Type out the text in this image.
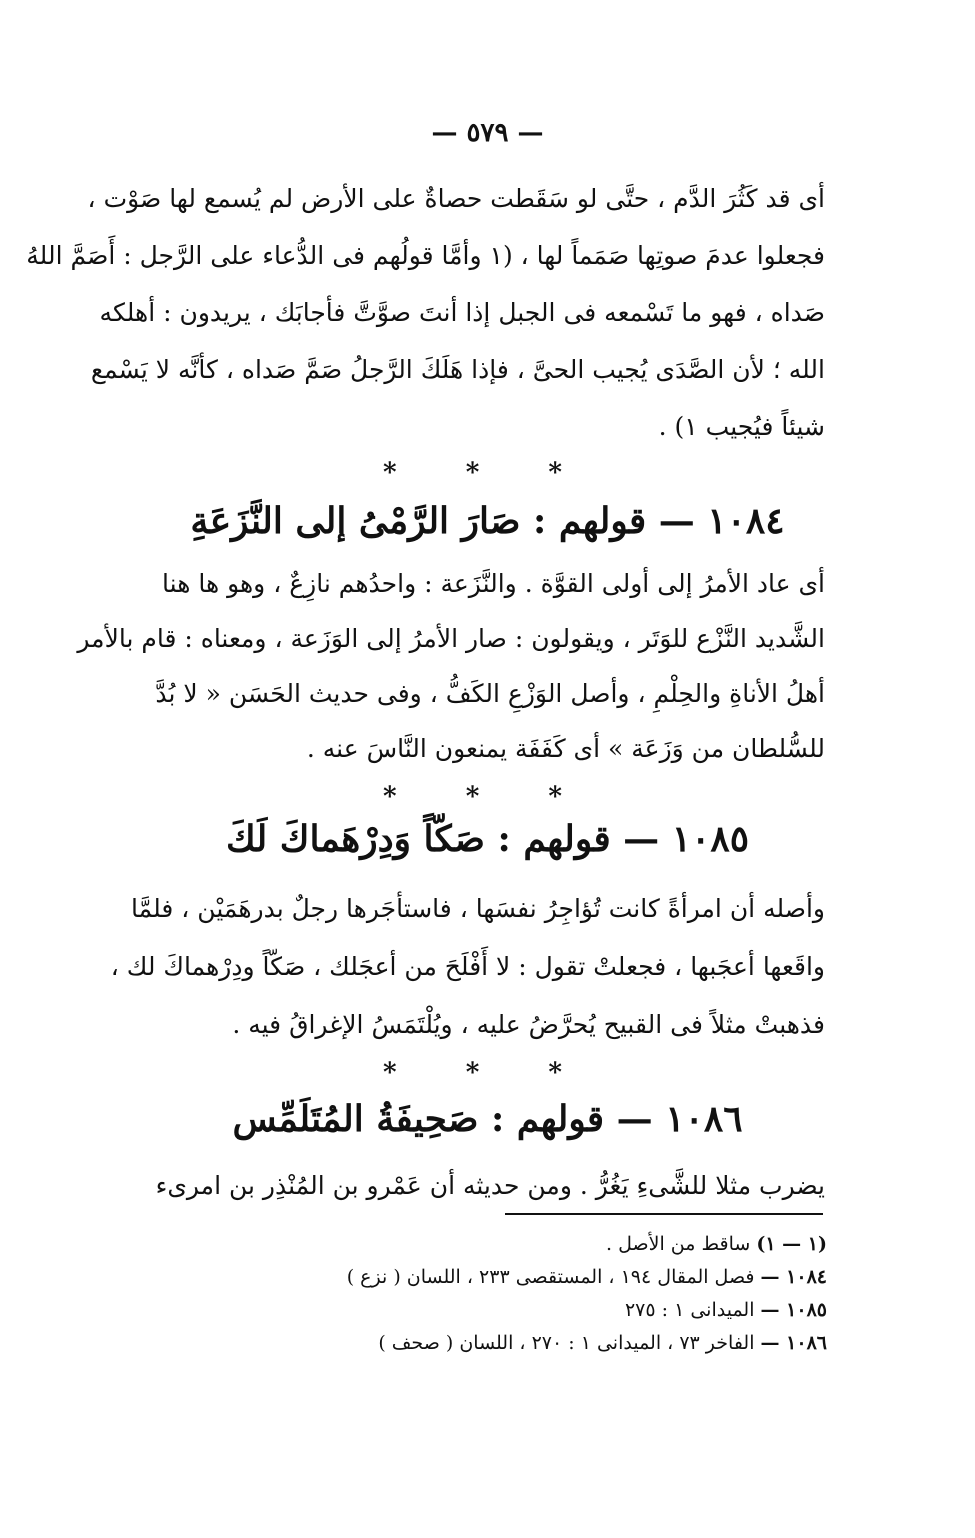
— ٥٧٩ —
أى قد كَثُرَ الدَّم ، حتَّى لو سَقَطت حصاةٌ على الأرض لم يُسمع لها صَوْت ،
فجعلوا عدمَ صوتِها صَمَماً لها ، (١ وأمَّا قولُهم فى الدُّعاء على الرَّجل : أَصَمَّ اللهُ
صَداه ، فهو ما تَسْمعه فى الجبل إذا أنتَ صوَّتَّ فأجابَك ، يريدون : أهلكه
الله ؛ لأن الصَّدَى يُجيب الحىَّ ، فإذا هَلَكَ الرَّجلُ صَمَّ صَداه ، كأنَّه لا يَسْمع
شيئاً فيُجيب ١) .
* * *
١٠٨٤ — قولهم : صَارَ الرَّمْىُ إلى النَّزَعَةِ
أى عاد الأمرُ إلى أولى القوَّة . والنَّزَعة : واحدُهم نازِعٌ ، وهو ها هنا
الشَّديد النَّزْع للوَتَر ، ويقولون : صار الأمرُ إلى الوَزَعة ، ومعناه : قام بالأمر
أهلُ الأناةِ والحِلْمِ ، وأصل الوَزْعِ الكَفُّ ، وفى حديث الحَسَن « لا بُدَّ
للسُّلطان من وَزَعَة » أى كَفَفَة يمنعون النَّاسَ عنه .
* * *
١٠٨٥ — قولهم : صَكّاً وَدِرْهَماكَ لَكَ
وأصله أن امرأةً كانت تُؤاجِرُ نفسَها ، فاستأجَرها رجلٌ بدرهَمَيْن ، فلمَّا
واقَعها أعجَبها ، فجعلتْ تقول : لا أَفْلَحَ من أعجَلك ، صَكّاً ودِرْهماكَ لك ،
فذهبتْ مثلاً فى القبيح يُحرَّضُ عليه ، ويُلْتَمَسُ الإغراقُ فيه .
* * *
١٠٨٦ — قولهم : صَحِيفَةُ المُتَلَمِّس
يضرب مثلا للشَّىءِ يَغُرُّ . ومن حديثه أن عَمْرو بن المُنْذِر بن امرىء
(١ — ١) ساقط من الأصل .
١٠٨٤ — فصل المقال ١٩٤ ، المستقصى ٢٣٣ ، اللسان ( نزع )
١٠٨٥ — الميدانى ١ : ٢٧٥
١٠٨٦ — الفاخر ٧٣ ، الميدانى ١ : ٢٧٠ ، اللسان ( صحف )
